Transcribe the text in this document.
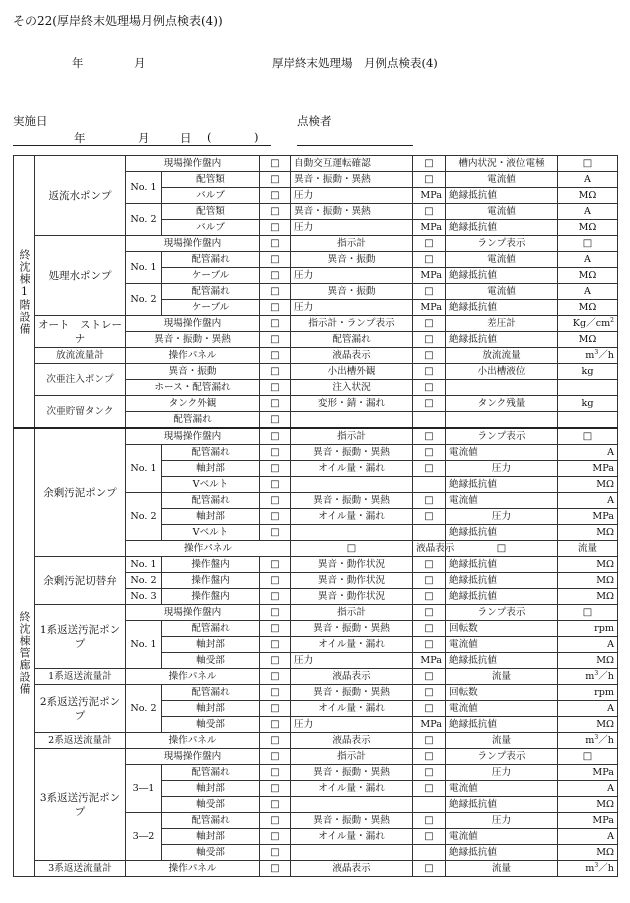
その22(厚岸終末処理場月例点検表(4))
年	月	厚岸終末処理場　月例点検表(4)
実施日
年	月	日 (	)
点検者
終沈棟1階設備	返流水ポンプ	現場操作盤内		□	自動交互運転確認	□	槽内状況・液位電極	□	
		No. 1	配管類	□	異音・振動・異熱	□	電流値	A	
			バルブ	□	圧力	MPa	絶縁抵抗値	MΩ	
		No. 2	配管類	□	異音・振動・異熱	□	電流値	A	
			バルブ	□	圧力	MPa	絶縁抵抗値	MΩ	
	処理水ポンプ	現場操作盤内		□	指示計	□	ランプ表示	□	
		No. 1	配管漏れ	□	異音・振動	□	電流値	A	
			ケーブル	□	圧力	MPa	絶縁抵抗値	MΩ	
		No. 2	配管漏れ	□	異音・振動	□	電流値	A	
			ケーブル	□	圧力	MPa	絶縁抵抗値	MΩ	
	オート　ストレーナ	現場操作盤内		□	指示計・ランプ表示	□	差圧計	$Kg/cm^2$
		異音・振動・異熱		□	配管漏れ	□	絶縁抵抗値	MΩ	
	放流流量計	操作パネル		□	液晶表示	□	放流流量	$m^3/h$	
	次亜注入ポンプ	異音・振動		□	小出槽外観	□	小出槽液位	kg	
		ホース・配管漏れ		□	注入状況	□			
	次亜貯留タンク	タンク外観		□	変形・錆・漏れ	□	タンク残量	kg	
		配管漏れ		□					
終沈棟管廊設備	余剰汚泥ポンプ	現場操作盤内		□	指示計	□	ランプ表示	□	
		No. 1	配管漏れ	□	異音・振動・異熱	□	電流値	A	
			軸封部	□	オイル量・漏れ	□	圧力	MPa	
			Vベルト	□			絶縁抵抗値	MΩ	
		No. 2	配管漏れ	□	異音・振動・異熱	□	電流値	A	
			軸封部	□	オイル量・漏れ	□	圧力	MPa	
			Vベルト	□			絶縁抵抗値	MΩ	
		操作パネル			□	液晶表示	□	流量	
	余剰汚泥切替弁	No. 1	操作盤内	□	異音・動作状況	□	絶縁抵抗値	MΩ	
		No. 2	操作盤内	□	異音・動作状況	□	絶縁抵抗値	MΩ	
		No. 3	操作盤内	□	異音・動作状況	□	絶縁抵抗値	MΩ	
	1系返送汚泥ポンプ	現場操作盤内		□	指示計	□	ランプ表示	□	
		No. 1	配管漏れ	□	異音・振動・異熱	□	回転数	rpm	
			軸封部	□	オイル量・漏れ	□	電流値	A	
			軸受部	□	圧力	MPa	絶縁抵抗値	MΩ	
	1系返送流量計	操作パネル		□	液晶表示	□	流量	$m^3/h$	
	2系返送汚泥ポンプ	No. 2	配管漏れ	□	異音・振動・異熱	□	回転数	rpm	
			軸封部	□	オイル量・漏れ	□	電流値	A	
			軸受部	□	圧力	MPa	絶縁抵抗値	MΩ	
	2系返送流量計	操作パネル		□	液晶表示	□	流量	$m^3/h$	
	3系返送汚泥ポンプ	現場操作盤内		□	指示計	□	ランプ表示	□	
		3―1	配管漏れ	□	異音・振動・異熱	□	圧力	MPa	
			軸封部	□	オイル量・漏れ	□	電流値	A	
			軸受部	□			絶縁抵抗値	MΩ	
		3―2	配管漏れ	□	異音・振動・異熱	□	圧力	MPa	
			軸封部	□	オイル量・漏れ	□	電流値	A	
			軸受部	□			絶縁抵抗値	MΩ	
	3系返送流量計	操作パネル		□	液晶表示	□	流量	$m^3/h$	
